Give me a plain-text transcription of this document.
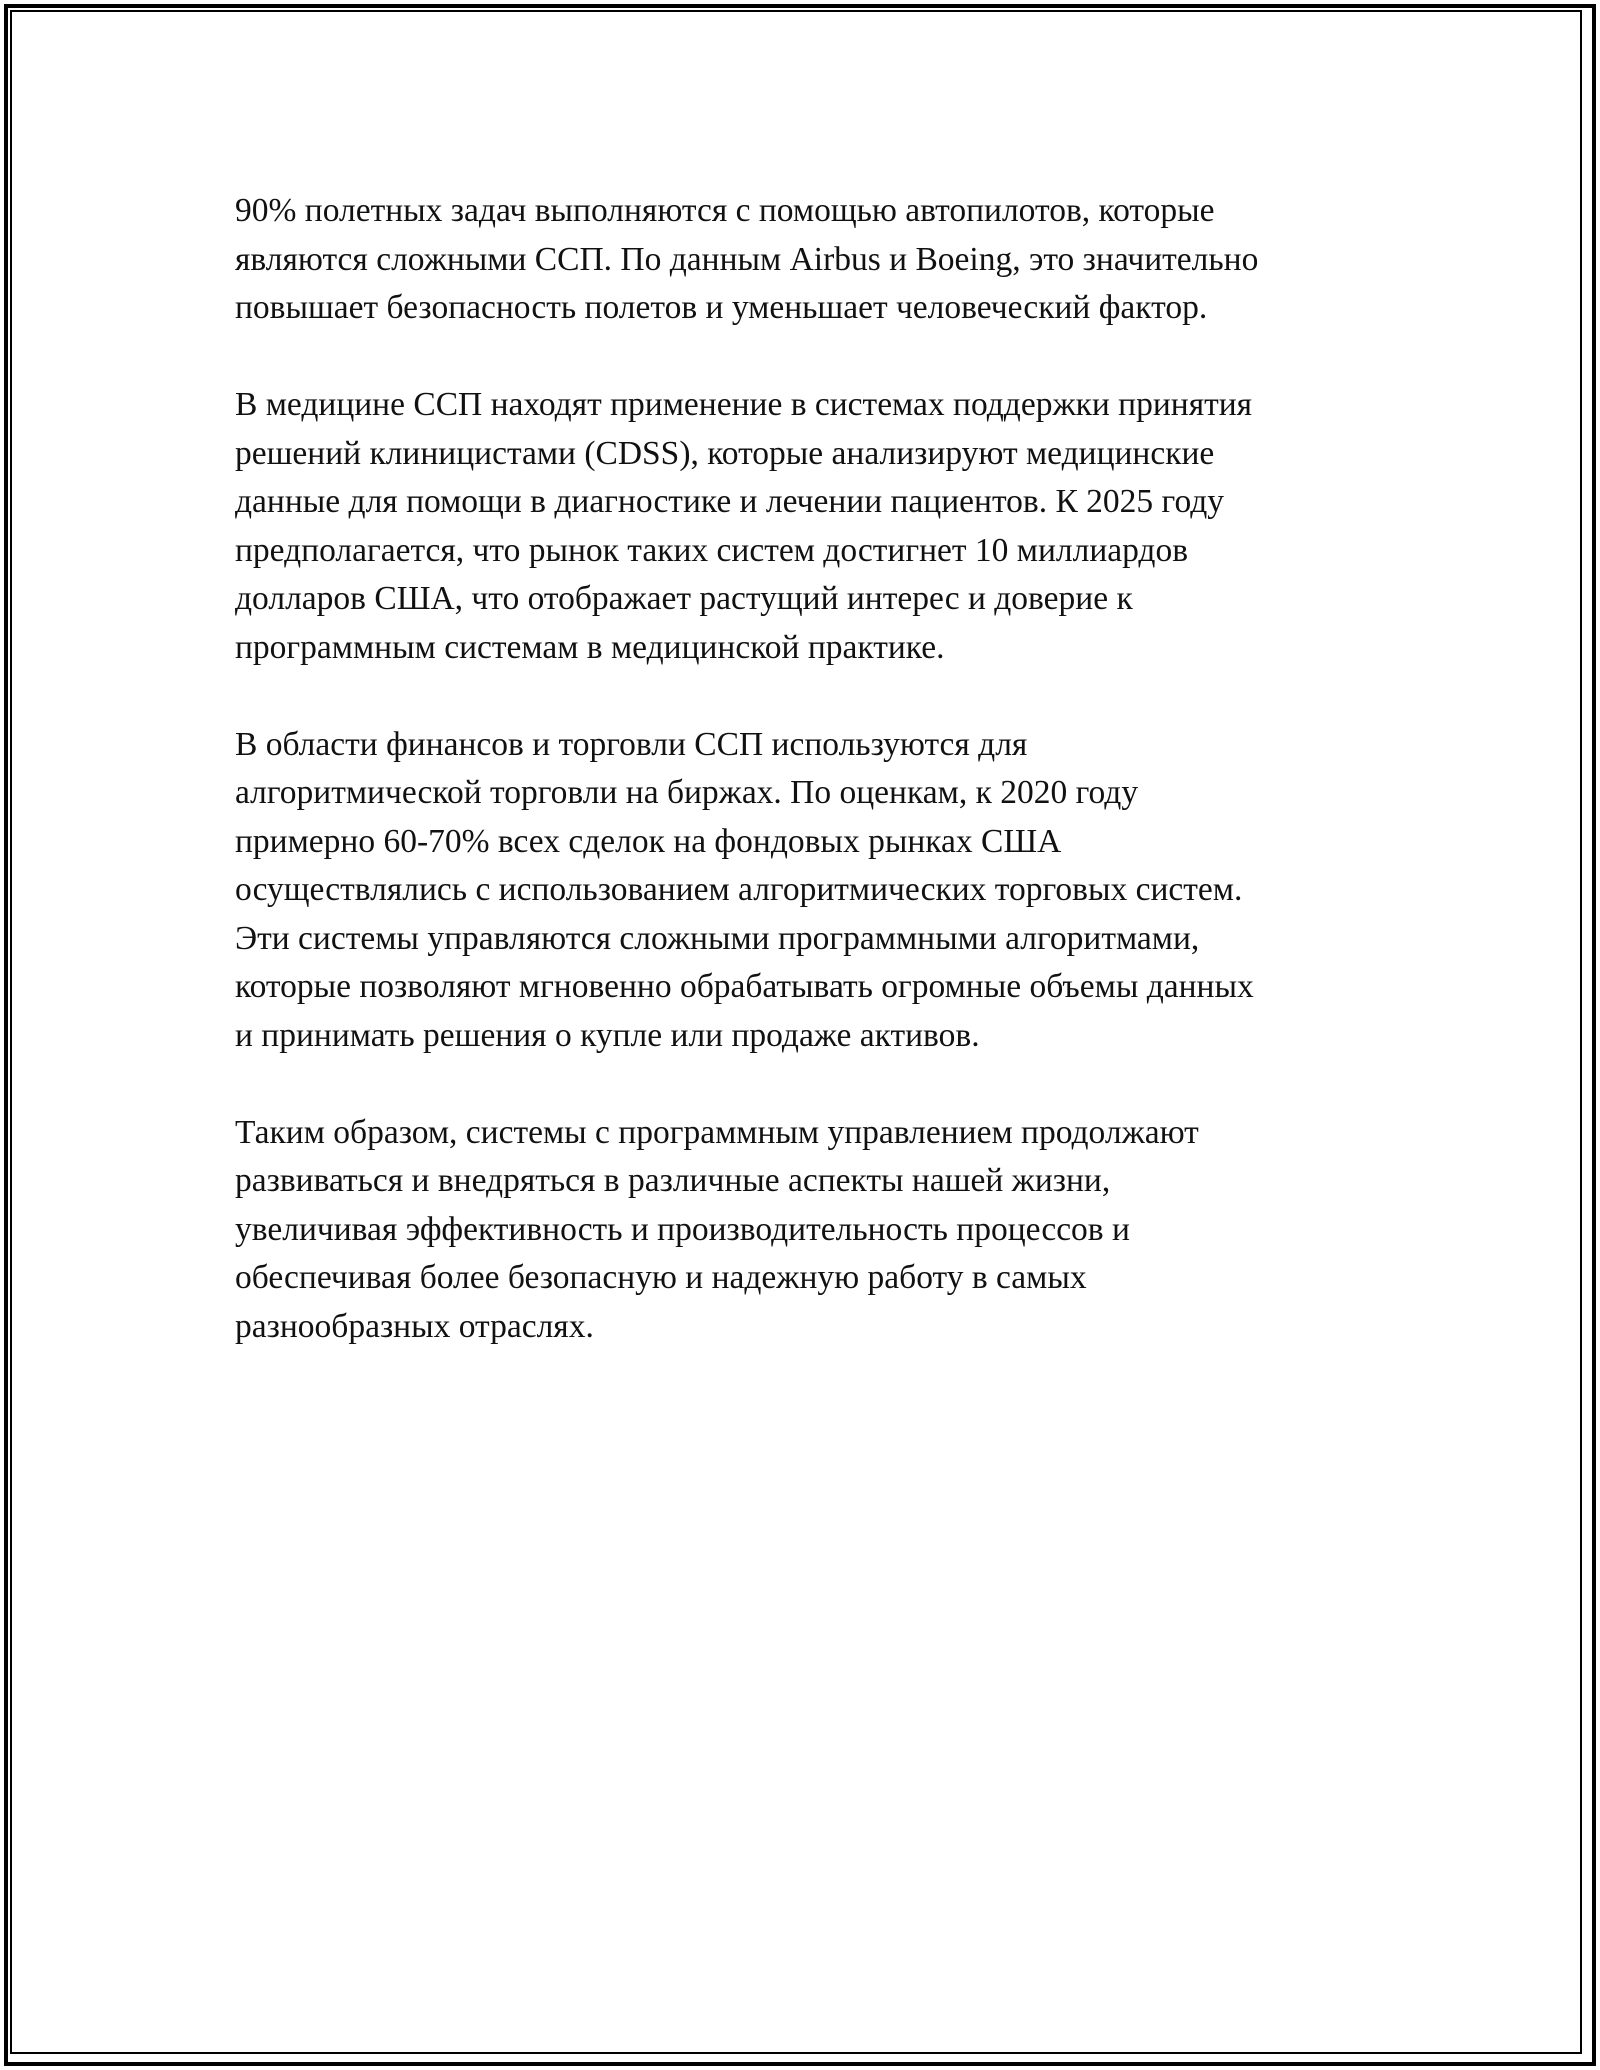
90% полетных задач выполняются с помощью автопилотов, которые
являются сложными ССП. По данным Airbus и Boeing, это значительно
повышает безопасность полетов и уменьшает человеческий фактор.

В медицине ССП находят применение в системах поддержки принятия
решений клиницистами (CDSS), которые анализируют медицинские
данные для помощи в диагностике и лечении пациентов. К 2025 году
предполагается, что рынок таких систем достигнет 10 миллиардов
долларов США, что отображает растущий интерес и доверие к
программным системам в медицинской практике.

В области финансов и торговли ССП используются для
алгоритмической торговли на биржах. По оценкам, к 2020 году
примерно 60-70% всех сделок на фондовых рынках США
осуществлялись с использованием алгоритмических торговых систем.
Эти системы управляются сложными программными алгоритмами,
которые позволяют мгновенно обрабатывать огромные объемы данных
и принимать решения о купле или продаже активов.

Таким образом, системы с программным управлением продолжают
развиваться и внедряться в различные аспекты нашей жизни,
увеличивая эффективность и производительность процессов и
обеспечивая более безопасную и надежную работу в самых
разнообразных отраслях.
